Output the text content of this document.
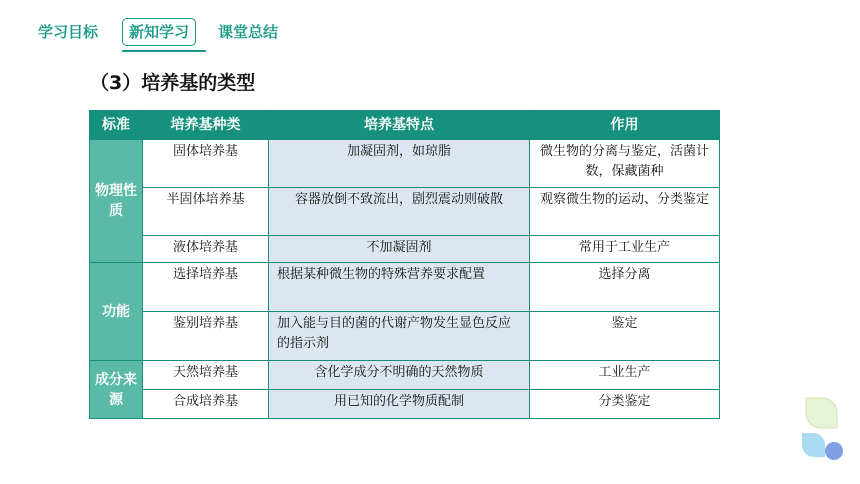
学习目标	新知学习	课堂总结
（3）培养基的类型
标准	培养基种类	培养基特点	作用
物理性质	固体培养基	加凝固剂，如琼脂	微生物的分离与鉴定，活菌计数，保藏菌种
	半固体培养基	容器放倒不致流出，剧烈震动则破散	观察微生物的运动、分类鉴定
	液体培养基	不加凝固剂	常用于工业生产
功能	选择培养基	根据某种微生物的特殊营养要求配置	选择分离
	鉴别培养基	加入能与目的菌的代谢产物发生显色反应的指示剂	鉴定
成分来源	天然培养基	含化学成分不明确的天然物质	工业生产
	合成培养基	用已知的化学物质配制	分类鉴定
